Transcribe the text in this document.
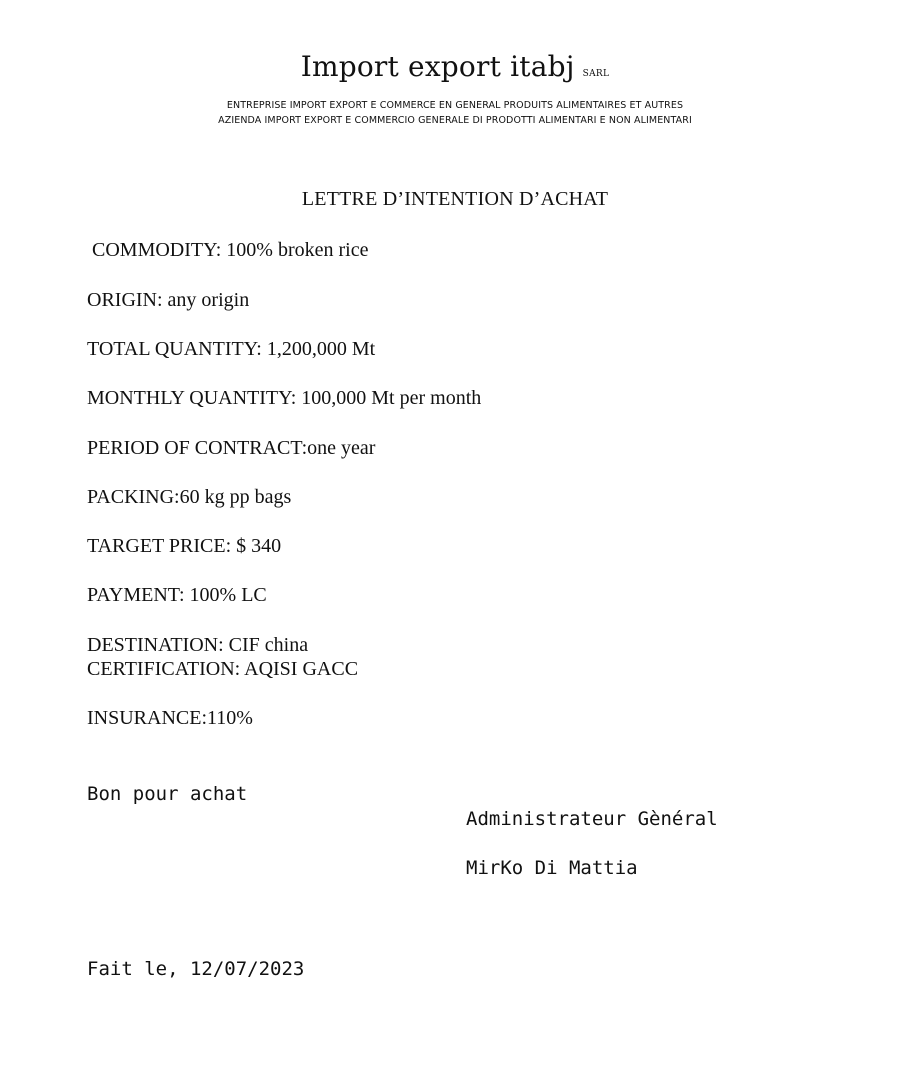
Import export itabj SARL
ENTREPRISE IMPORT EXPORT E COMMERCE EN GENERAL PRODUITS ALIMENTAIRES ET AUTRES
AZIENDA IMPORT EXPORT E COMMERCIO GENERALE DI PRODOTTI ALIMENTARI E NON ALIMENTARI
LETTRE D’INTENTION D’ACHAT
COMMODITY: 100% broken rice
ORIGIN: any origin
TOTAL QUANTITY: 1,200,000 Mt
MONTHLY QUANTITY: 100,000 Mt per month
PERIOD OF CONTRACT:one year
PACKING:60 kg pp bags
TARGET PRICE: $ 340
PAYMENT: 100% LC
DESTINATION: CIF china
CERTIFICATION: AQISI GACC
INSURANCE:110%
Bon pour achat
Administrateur Gènéral
MirKo Di Mattia
Fait le, 12/07/2023
